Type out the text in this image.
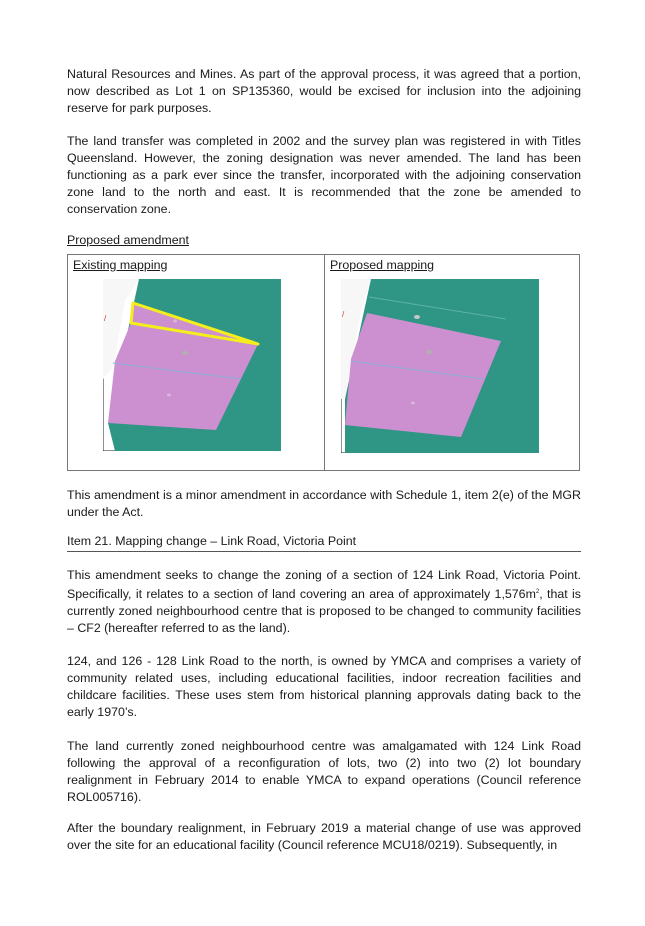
Natural Resources and Mines. As part of the approval process, it was agreed that a portion, now described as Lot 1 on SP135360, would be excised for inclusion into the adjoining reserve for park purposes.

The land transfer was completed in 2002 and the survey plan was registered in with Titles Queensland. However, the zoning designation was never amended. The land has been functioning as a park ever since the transfer, incorporated with the adjoining conservation zone land to the north and east. It is recommended that the zone be amended to conservation zone.

Proposed amendment
Existing mapping	Proposed mapping
/	/

This amendment is a minor amendment in accordance with Schedule 1, item 2(e) of the MGR under the Act.

Item 21. Mapping change – Link Road, Victoria Point

This amendment seeks to change the zoning of a section of 124 Link Road, Victoria Point. Specifically, it relates to a section of land covering an area of approximately $1,576m^2$, that is currently zoned neighbourhood centre that is proposed to be changed to community facilities – CF2 (hereafter referred to as the land).

124, and 126 - 128 Link Road to the north, is owned by YMCA and comprises a variety of community related uses, including educational facilities, indoor recreation facilities and childcare facilities. These uses stem from historical planning approvals dating back to the early 1970’s.

The land currently zoned neighbourhood centre was amalgamated with 124 Link Road following the approval of a reconfiguration of lots, two (2) into two (2) lot boundary realignment in February 2014 to enable YMCA to expand operations (Council reference ROL005716).

After the boundary realignment, in February 2019 a material change of use was approved over the site for an educational facility (Council reference MCU18/0219). Subsequently, in
